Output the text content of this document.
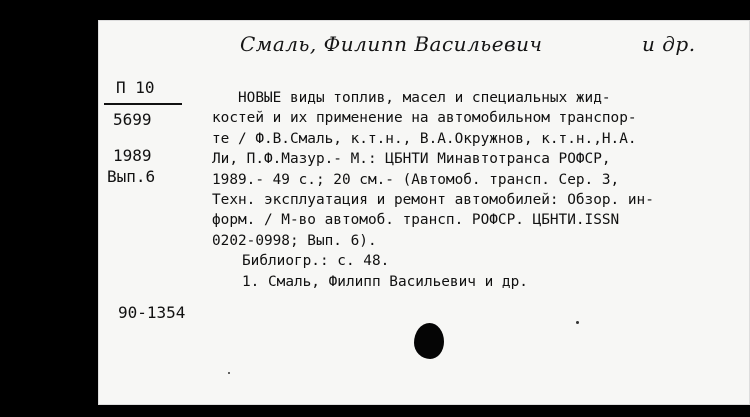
Смаль, Филипп Васильевич	и др.
П 10
5699
1989
Вып.6
90-1354
НОВЫЕ виды топлив, масел и специальных жид-
костей и их применение на автомобильном транспор-
те / Ф.В.Смаль, к.т.н., В.А.Окружнов, к.т.н.,Н.А.
Ли, П.Ф.Мазур.- М.: ЦБНТИ Минавтотранса РОФСР,
1989.- 49 с.; 20 см.- (Автомоб. трансп. Сер. 3,
Техн. эксплуатация и ремонт автомобилей: Обзор. ин-
форм. / М-во автомоб. трансп. РОФСР. ЦБНТИ.ISSN
0202-0998; Вып. 6).
Библиогр.: с. 48.
1. Смаль, Филипп Васильевич и др.
